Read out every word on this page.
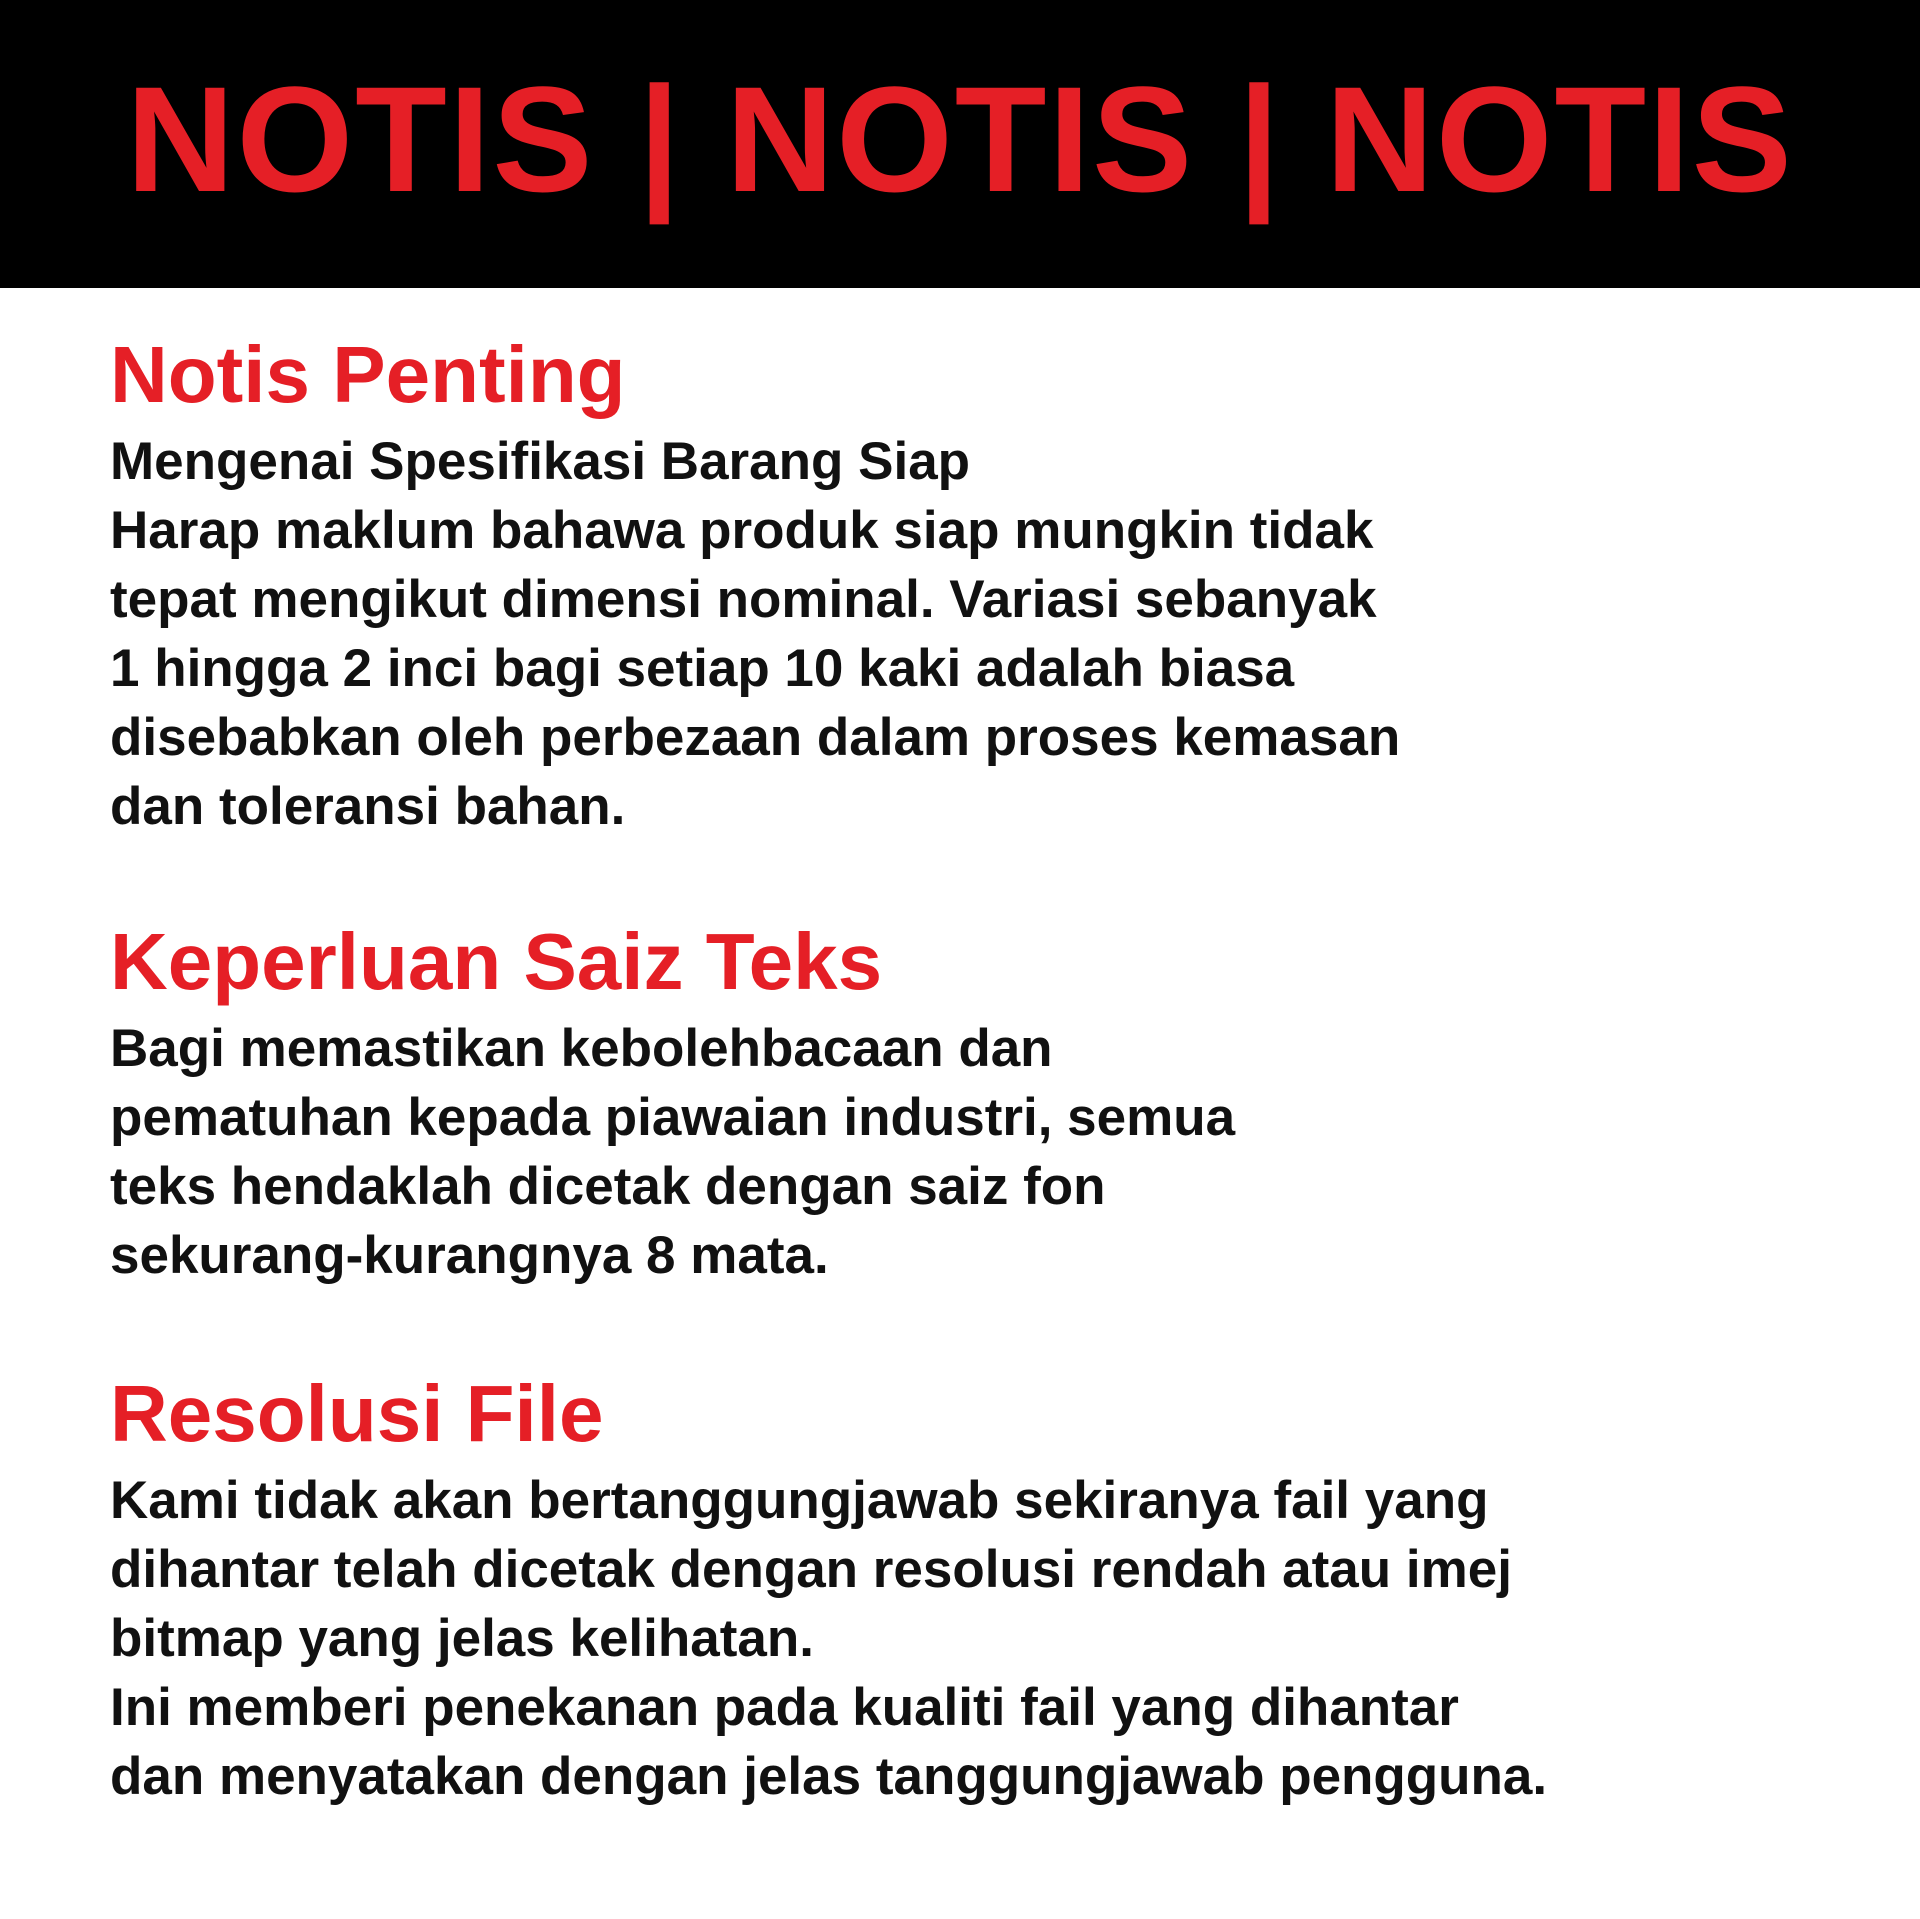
NOTIS | NOTIS | NOTIS
Notis Penting
Mengenai Spesifikasi Barang Siap
Harap maklum bahawa produk siap mungkin tidak
tepat mengikut dimensi nominal. Variasi sebanyak
1 hingga 2 inci bagi setiap 10 kaki adalah biasa
disebabkan oleh perbezaan dalam proses kemasan
dan toleransi bahan.
Keperluan Saiz Teks
Bagi memastikan kebolehbacaan dan
pematuhan kepada piawaian industri, semua
teks hendaklah dicetak dengan saiz fon
sekurang-kurangnya 8 mata.
Resolusi File
Kami tidak akan bertanggungjawab sekiranya fail yang
dihantar telah dicetak dengan resolusi rendah atau imej
bitmap yang jelas kelihatan.
Ini memberi penekanan pada kualiti fail yang dihantar
dan menyatakan dengan jelas tanggungjawab pengguna.
